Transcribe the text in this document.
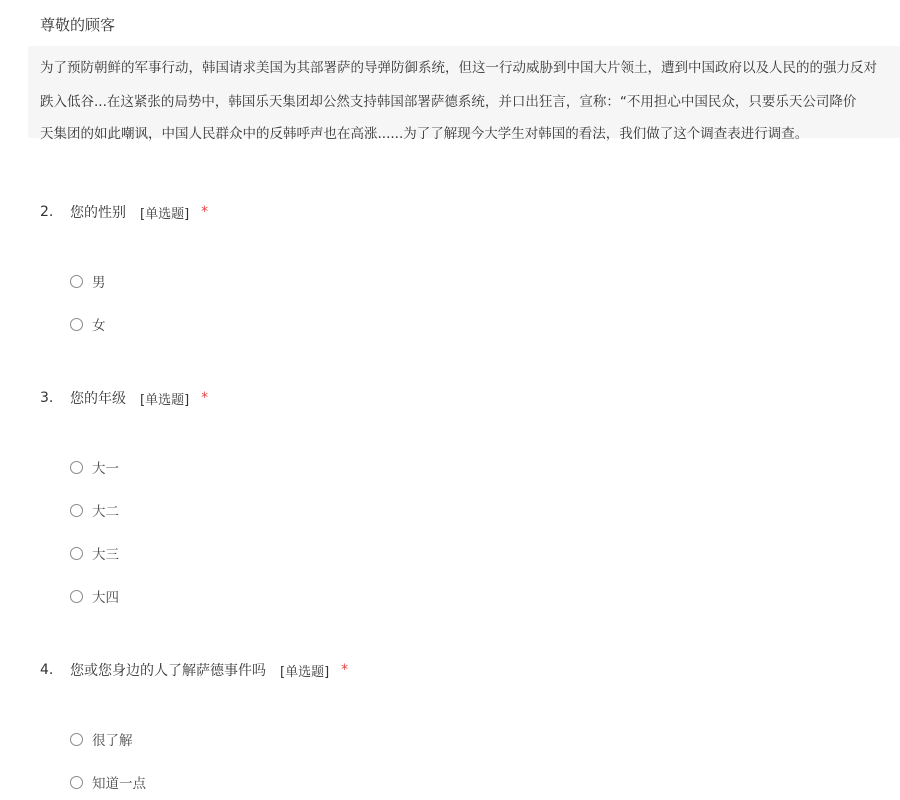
尊敬的顾客
为了预防朝鲜的军事行动，韩国请求美国为其部署萨的导弹防御系统，但这一行动威胁到中国大片领土，遭到中国政府以及人民的的强力反对
跌入低谷...在这紧张的局势中，韩国乐天集团却公然支持韩国部署萨德系统，并口出狂言，宣称：“不用担心中国民众，只要乐天公司降价
天集团的如此嘲讽，中国人民群众中的反韩呼声也在高涨......为了了解现今大学生对韩国的看法，我们做了这个调查表进行调查。
2.	您的性别 [单选题] *
男
女
3.	您的年级 [单选题] *
大一
大二
大三
大四
4.	您或您身边的人了解萨德事件吗 [单选题] *
很了解
知道一点
